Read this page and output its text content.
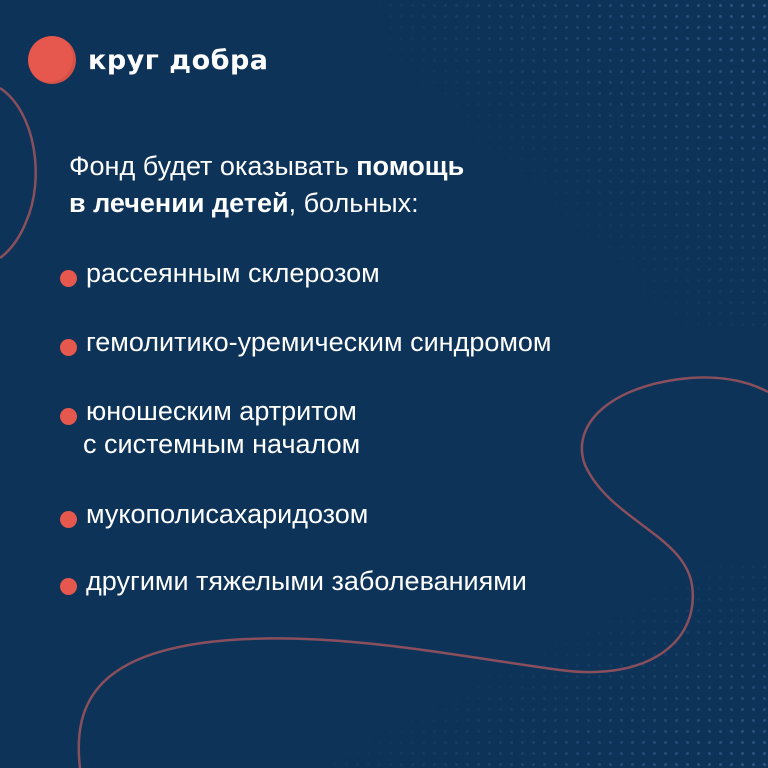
круг добра
Фонд будет оказывать помощь
в лечении детей, больных:
рассеянным склерозом
гемолитико-уремическим синдромом
юношеским артритом
с системным началом
мукополисахаридозом
другими тяжелыми заболеваниями
